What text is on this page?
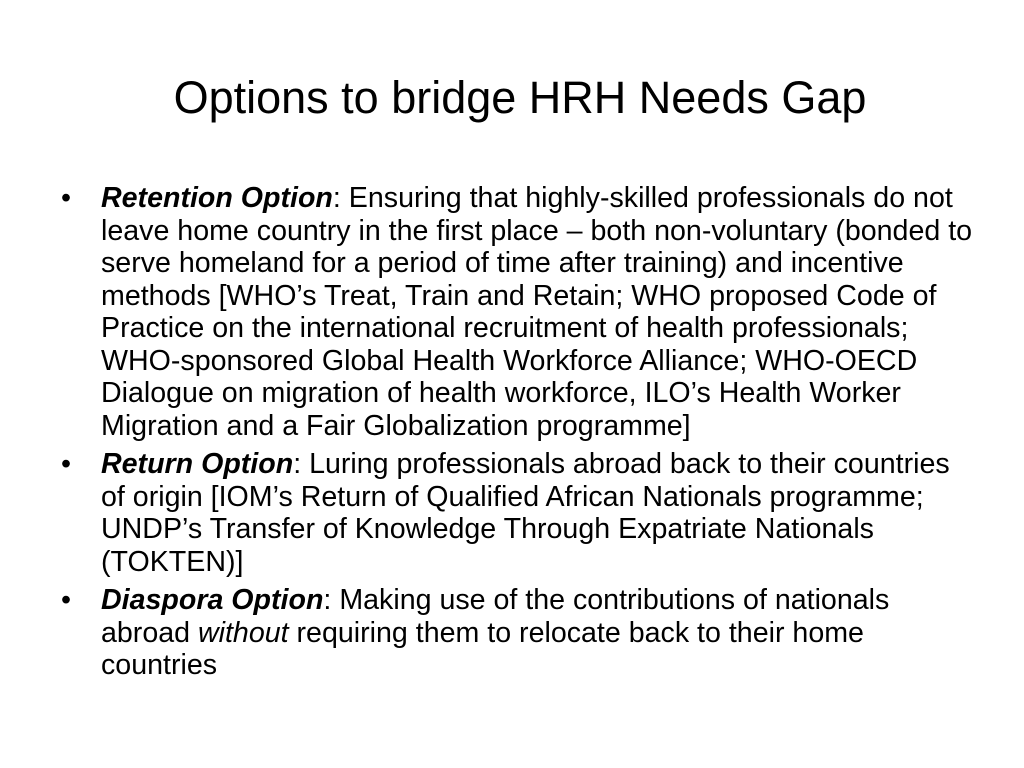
Options to bridge HRH Needs Gap
• Retention Option: Ensuring that highly-skilled professionals do not leave home country in the first place – both non-voluntary (bonded to serve homeland for a period of time after training) and incentive methods [WHO’s Treat, Train and Retain; WHO proposed Code of Practice on the international recruitment of health professionals; WHO-sponsored Global Health Workforce Alliance; WHO-OECD Dialogue on migration of health workforce, ILO’s Health Worker Migration and a Fair Globalization programme]
• Return Option: Luring professionals abroad back to their countries of origin [IOM’s Return of Qualified African Nationals programme; UNDP’s Transfer of Knowledge Through Expatriate Nationals (TOKTEN)]
• Diaspora Option: Making use of the contributions of nationals abroad without requiring them to relocate back to their home countries
